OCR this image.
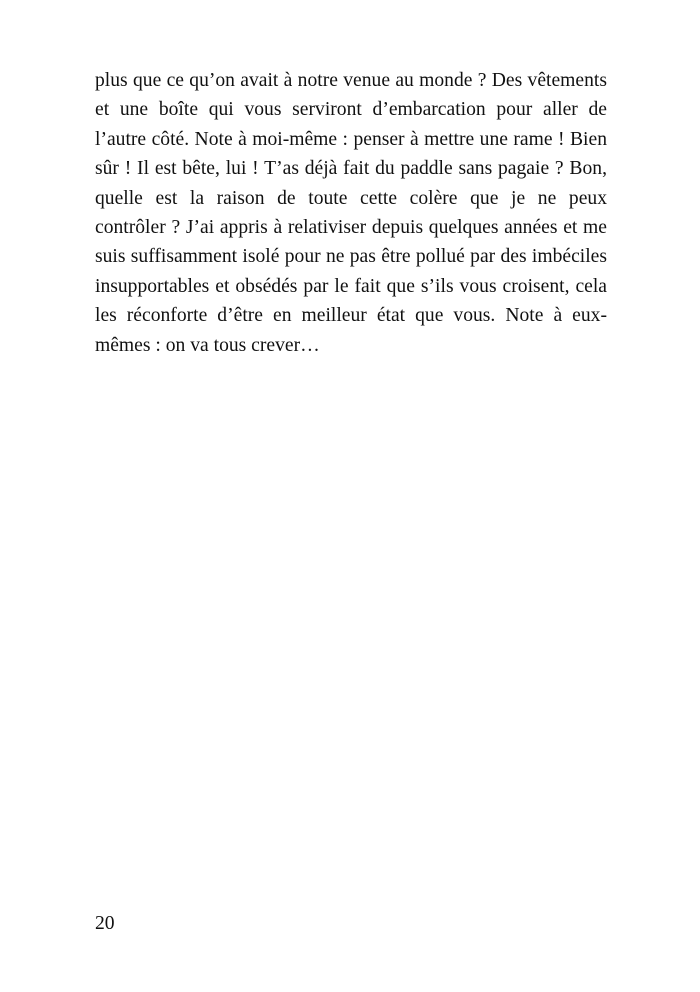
plus que ce qu’on avait à notre venue au monde ? Des vêtements
et une boîte qui vous serviront d’embarcation pour aller de
l’autre côté. Note à moi-même : penser à mettre une rame ! Bien
sûr ! Il est bête, lui ! T’as déjà fait du paddle sans pagaie ? Bon,
quelle est la raison de toute cette colère que je ne peux
contrôler ? J’ai appris à relativiser depuis quelques années et me
suis suffisamment isolé pour ne pas être pollué par des imbéciles
insupportables et obsédés par le fait que s’ils vous croisent, cela
les réconforte d’être en meilleur état que vous. Note à eux-
mêmes : on va tous crever…
20
